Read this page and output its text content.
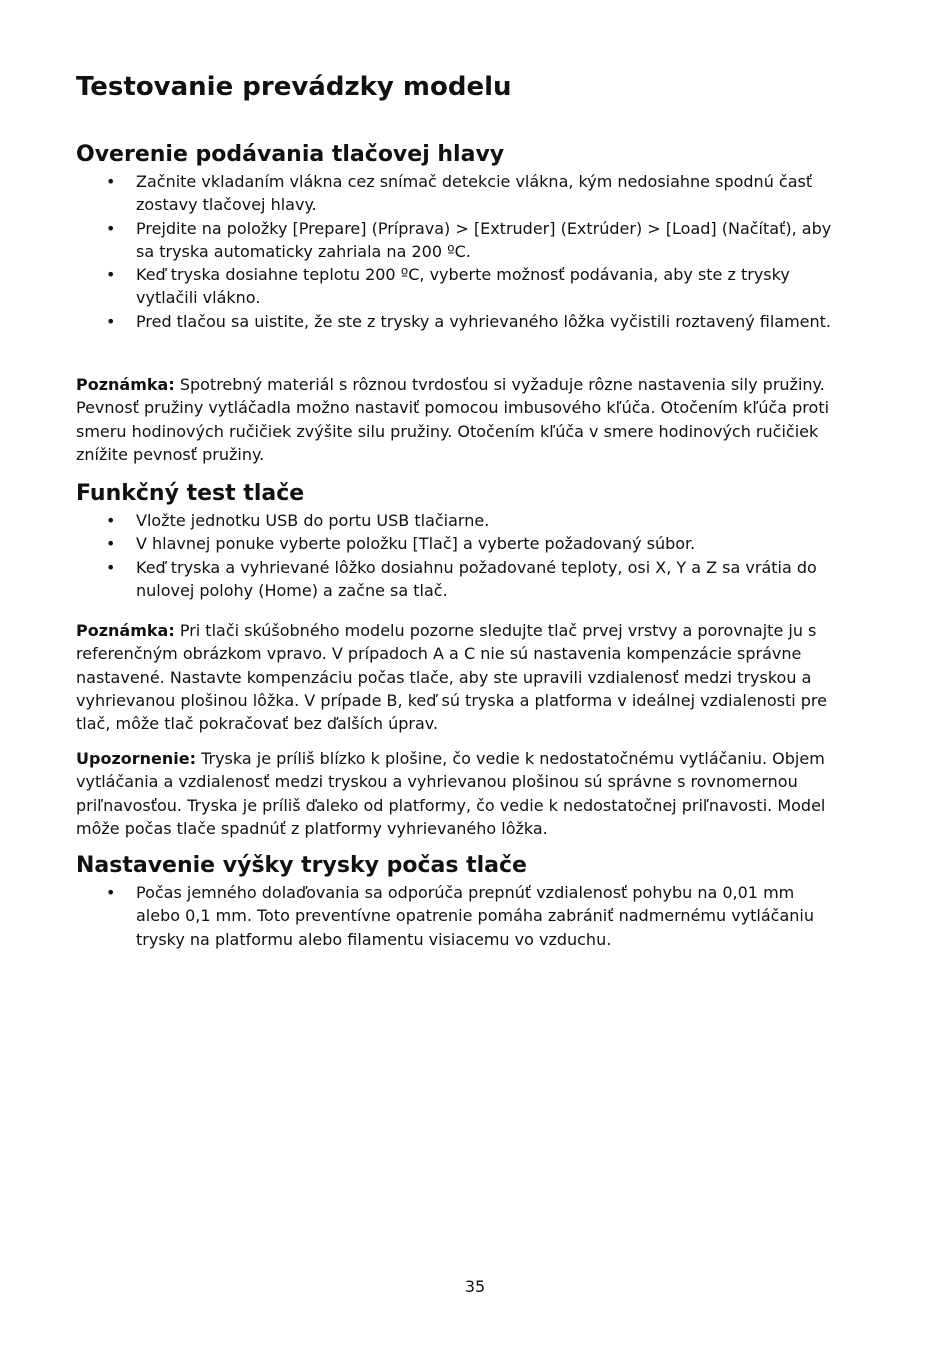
Testovanie prevádzky modelu
Overenie podávania tlačovej hlavy
• Začnite vkladaním vlákna cez snímač detekcie vlákna, kým nedosiahne spodnú časť zostavy tlačovej hlavy.
• Prejdite na položky [Prepare] (Príprava) > [Extruder] (Extrúder) > [Load] (Načítať), aby sa tryska automaticky zahriala na 200 ºC.
• Keď tryska dosiahne teplotu 200 ºC, vyberte možnosť podávania, aby ste z trysky vytlačili vlákno.
• Pred tlačou sa uistite, že ste z trysky a vyhrievaného lôžka vyčistili roztavený filament.

Poznámka: Spotrebný materiál s rôznou tvrdosťou si vyžaduje rôzne nastavenia sily pružiny. Pevnosť pružiny vytláčadla možno nastaviť pomocou imbusového kľúča. Otočením kľúča proti smeru hodinových ručičiek zvýšite silu pružiny. Otočením kľúča v smere hodinových ručičiek znížite pevnosť pružiny.

Funkčný test tlače
• Vložte jednotku USB do portu USB tlačiarne.
• V hlavnej ponuke vyberte položku [Tlač] a vyberte požadovaný súbor.
• Keď tryska a vyhrievané lôžko dosiahnu požadované teploty, osi X, Y a Z sa vrátia do nulovej polohy (Home) a začne sa tlač.

Poznámka: Pri tlači skúšobného modelu pozorne sledujte tlač prvej vrstvy a porovnajte ju s referenčným obrázkom vpravo. V prípadoch A a C nie sú nastavenia kompenzácie správne nastavené. Nastavte kompenzáciu počas tlače, aby ste upravili vzdialenosť medzi tryskou a vyhrievanou plošinou lôžka. V prípade B, keď sú tryska a platforma v ideálnej vzdialenosti pre tlač, môže tlač pokračovať bez ďalších úprav.

Upozornenie: Tryska je príliš blízko k plošine, čo vedie k nedostatočnému vytláčaniu. Objem vytláčania a vzdialenosť medzi tryskou a vyhrievanou plošinou sú správne s rovnomernou priľnavosťou. Tryska je príliš ďaleko od platformy, čo vedie k nedostatočnej priľnavosti. Model môže počas tlače spadnúť z platformy vyhrievaného lôžka.

Nastavenie výšky trysky počas tlače
• Počas jemného dolaďovania sa odporúča prepnúť vzdialenosť pohybu na 0,01 mm alebo 0,1 mm. Toto preventívne opatrenie pomáha zabrániť nadmernému vytláčaniu trysky na platformu alebo filamentu visiacemu vo vzduchu.
35
